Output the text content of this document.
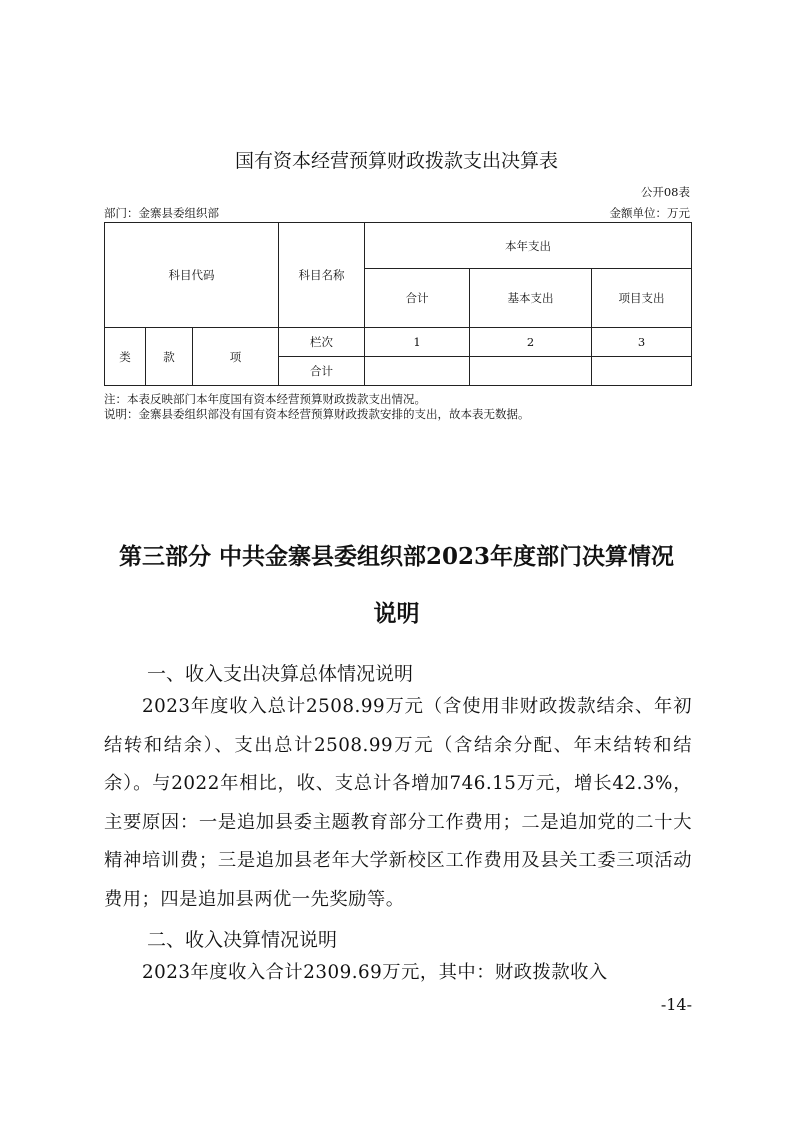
国有资本经营预算财政拨款支出决算表
公开08表
部门：金寨县委组织部	金额单位：万元
科目代码			科目名称	本年支出		
				合计	基本支出	项目支出
类	款	项	栏次	1	2	3
			合计			
注：本表反映部门本年度国有资本经营预算财政拨款支出情况。
说明：金寨县委组织部没有国有资本经营预算财政拨款安排的支出，故本表无数据。
第三部分 中共金寨县委组织部2023年度部门决算情况
说明
一、收入支出决算总体情况说明
2023年度收入总计2508.99万元（含使用非财政拨款结余、年初结转和结余）、支出总计2508.99万元（含结余分配、年末结转和结余）。与2022年相比，收、支总计各增加746.15万元，增长42.3%，主要原因：一是追加县委主题教育部分工作费用；二是追加党的二十大精神培训费；三是追加县老年大学新校区工作费用及县关工委三项活动费用；四是追加县两优一先奖励等。
二、收入决算情况说明
2023年度收入合计2309.69万元，其中：财政拨款收入
-14-
